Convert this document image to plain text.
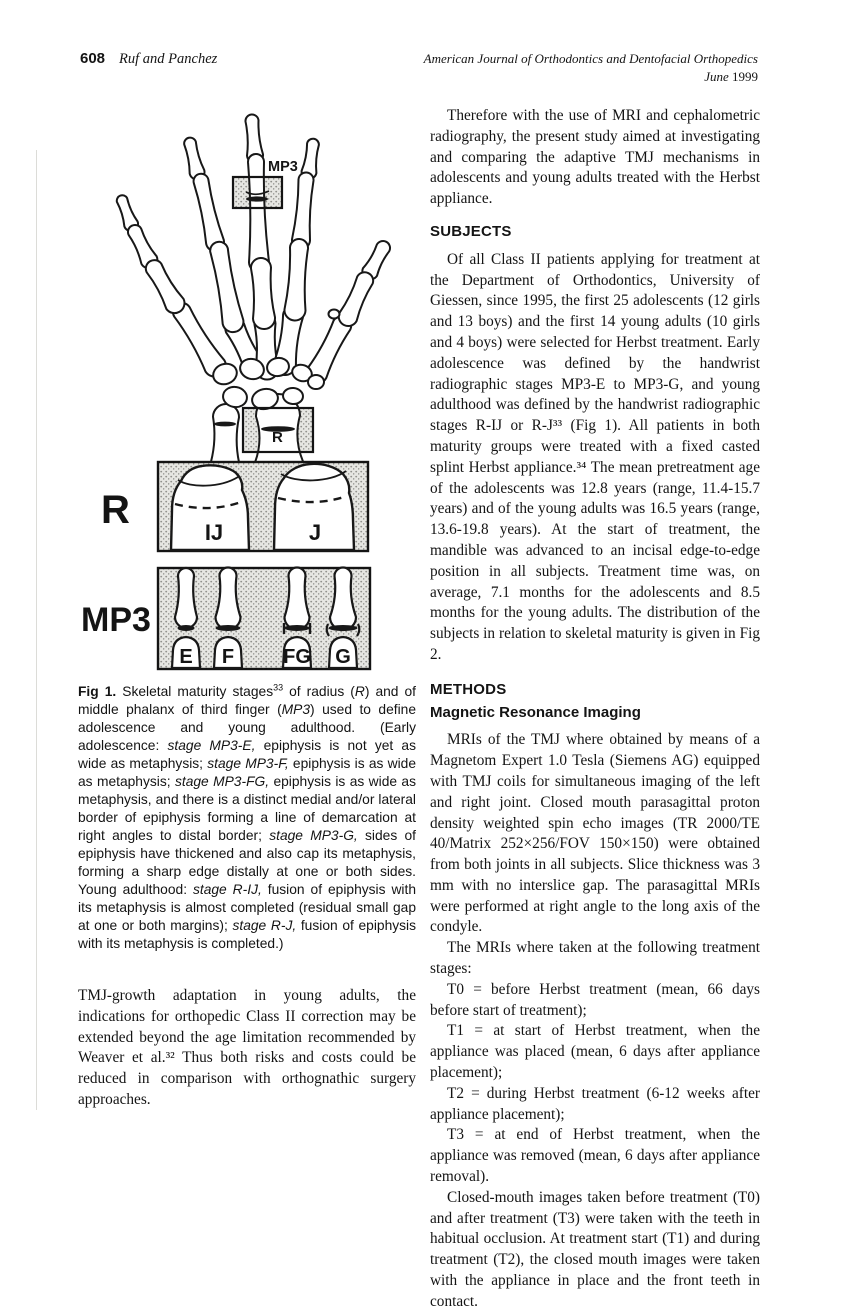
608 Ruf and Panchez	American Journal of Orthodontics and Dentofacial Orthopedics
June 1999
MP3
R
IJ	J
R
E F FG G
MP3
Fig 1. Skeletal maturity stages$^{33}$ of radius (R) and of middle phalanx of third finger (MP3) used to define adolescence and young adulthood. (Early adolescence: stage MP3-E, epiphysis is not yet as wide as metaphysis; stage MP3-F, epiphysis is as wide as metaphysis; stage MP3-FG, epiphysis is as wide as metaphysis, and there is a distinct medial and/or lateral border of epiphysis forming a line of demarcation at right angles to distal border; stage MP3-G, sides of epiphysis have thickened and also cap its metaphysis, forming a sharp edge distally at one or both sides. Young adulthood: stage R-IJ, fusion of epiphysis with its metaphysis is almost completed (residual small gap at one or both margins); stage R-J, fusion of epiphysis with its metaphysis is completed.)

TMJ-growth adaptation in young adults, the indications for orthopedic Class II correction may be extended beyond the age limitation recommended by Weaver et al.³² Thus both risks and costs could be reduced in comparison with orthognathic surgery approaches.

Therefore with the use of MRI and cephalometric radiography, the present study aimed at investigating and comparing the adaptive TMJ mechanisms in adolescents and young adults treated with the Herbst appliance.

SUBJECTS

Of all Class II patients applying for treatment at the Department of Orthodontics, University of Giessen, since 1995, the first 25 adolescents (12 girls and 13 boys) and the first 14 young adults (10 girls and 4 boys) were selected for Herbst treatment. Early adolescence was defined by the handwrist radiographic stages MP3-E to MP3-G, and young adulthood was defined by the handwrist radiographic stages R-IJ or R-J³³ (Fig 1). All patients in both maturity groups were treated with a fixed casted splint Herbst appliance.³⁴ The mean pretreatment age of the adolescents was 12.8 years (range, 11.4-15.7 years) and of the young adults was 16.5 years (range, 13.6-19.8 years). At the start of treatment, the mandible was advanced to an incisal edge-to-edge position in all subjects. Treatment time was, on average, 7.1 months for the adolescents and 8.5 months for the young adults. The distribution of the subjects in relation to skeletal maturity is given in Fig 2.

METHODS
Magnetic Resonance Imaging

MRIs of the TMJ where obtained by means of a Magnetom Expert 1.0 Tesla (Siemens AG) equipped with TMJ coils for simultaneous imaging of the left and right joint. Closed mouth parasagittal proton density weighted spin echo images (TR 2000/TE 40/Matrix 252×256/FOV 150×150) were obtained from both joints in all subjects. Slice thickness was 3 mm with no interslice gap. The parasagittal MRIs were performed at right angle to the long axis of the condyle.

The MRIs where taken at the following treatment stages:

T0 = before Herbst treatment (mean, 66 days before start of treatment);

T1 = at start of Herbst treatment, when the appliance was placed (mean, 6 days after appliance placement);

T2 = during Herbst treatment (6-12 weeks after appliance placement);

T3 = at end of Herbst treatment, when the appliance was removed (mean, 6 days after appliance removal).

Closed-mouth images taken before treatment (T0) and after treatment (T3) were taken with the teeth in habitual occlusion. At treatment start (T1) and during treatment (T2), the closed mouth images were taken with the appliance in place and the front teeth in contact.
